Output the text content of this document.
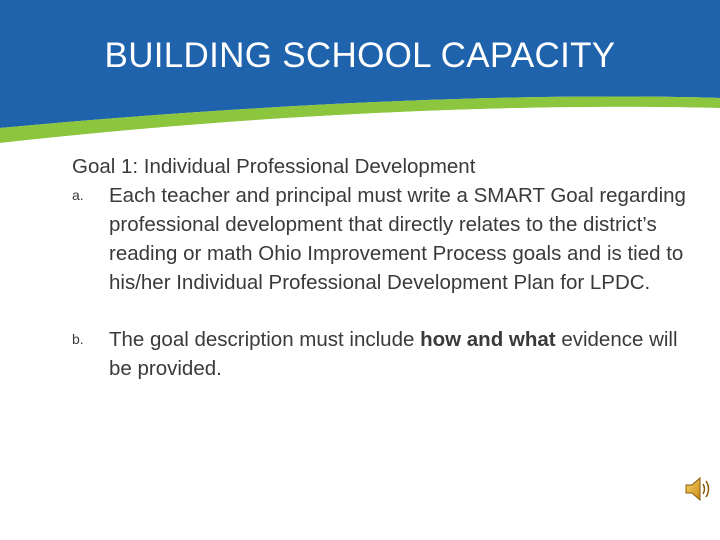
BUILDING SCHOOL CAPACITY

Goal 1: Individual Professional Development

a. Each teacher and principal must write a SMART Goal regarding professional development that directly relates to the district’s reading or math Ohio Improvement Process goals and is tied to his/her Individual Professional Development Plan for LPDC.

b. The goal description must include how and what evidence will be provided.
